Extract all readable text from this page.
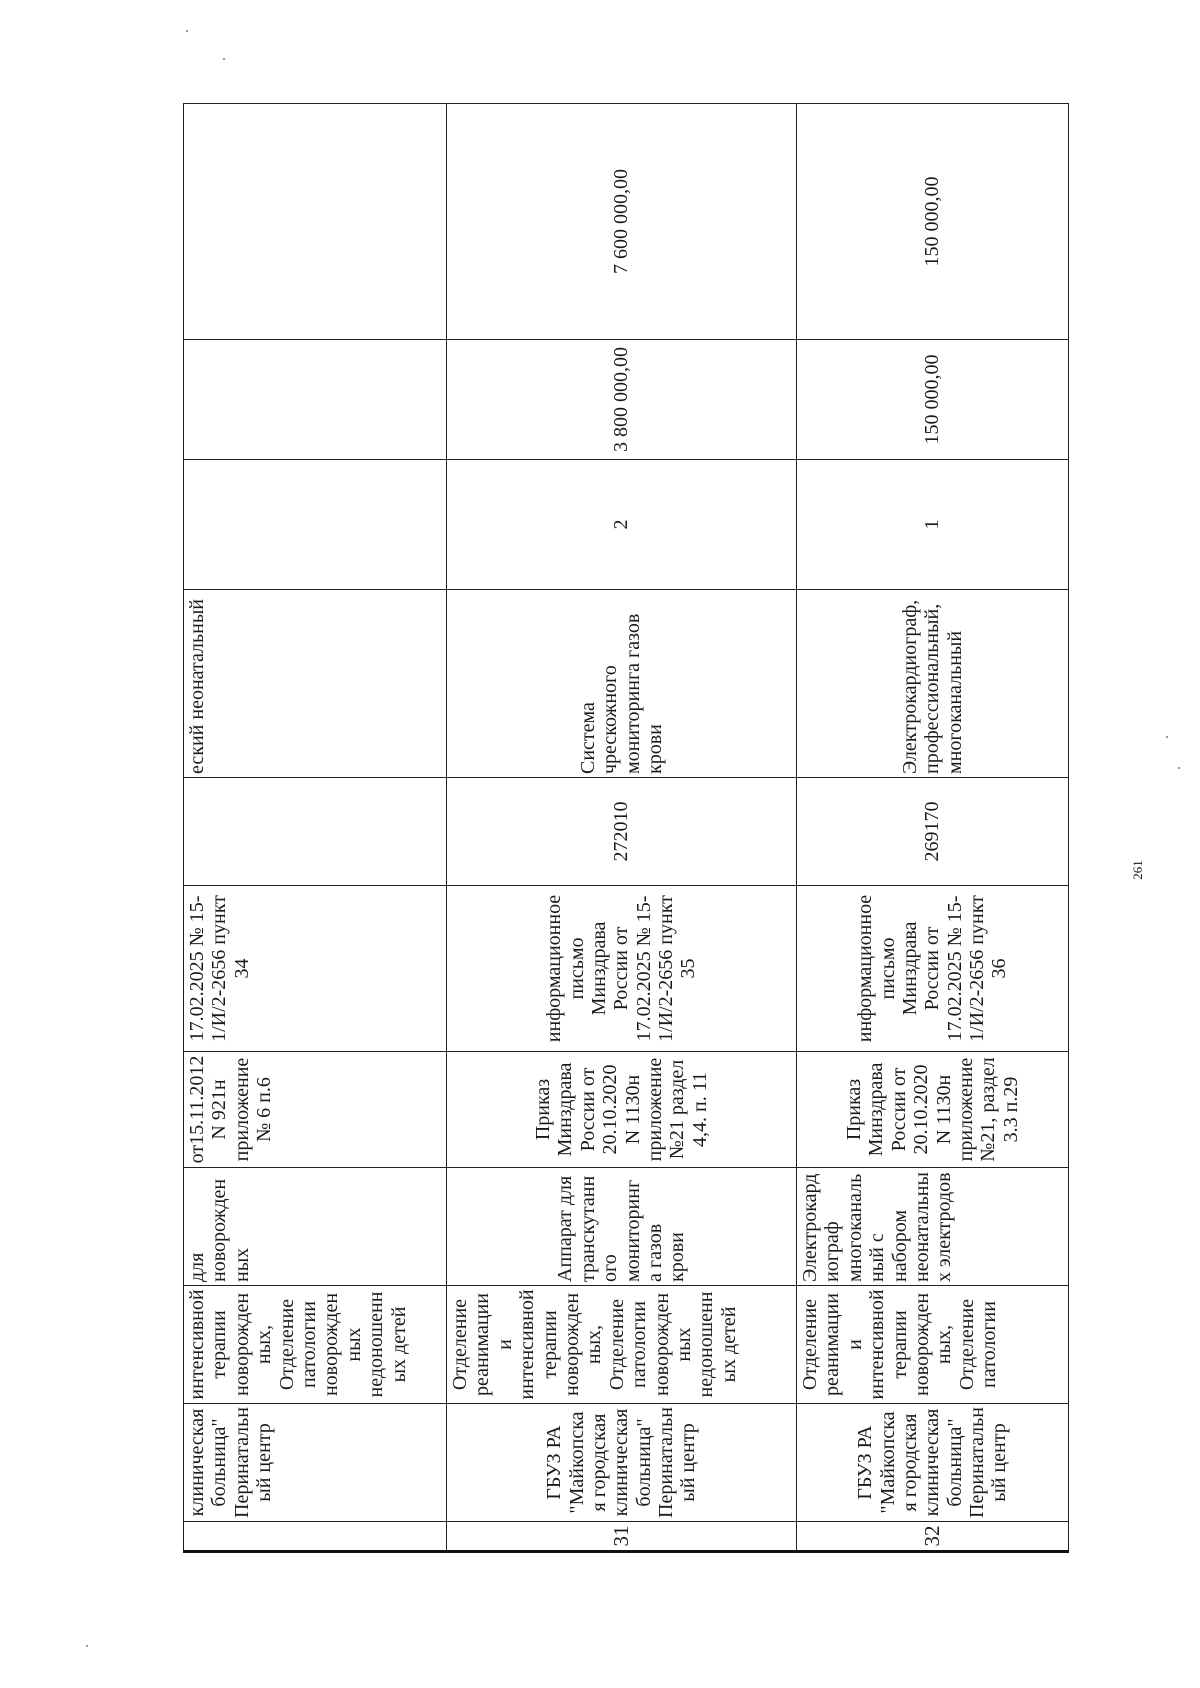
	клиническая больница" Перинатальный центр	интенсивной терапии новорожденных, Отделение патологии новорожденных недоношенных детей	для новорожденных	от15.11.2012 N 921н приложение№ 6 п.6	17.02.2025 № 15-1/И/2-2656 пункт 34		еский неонатальный			
31	ГБУЗ РА "Майкопская городская клиническая больница" Перинатальный центр	Отделение реанимации и интенсивной терапии новорожденных, Отделение патологии новорожденных недоношенных детей	Аппарат для транскутанного мониторинга газов крови	Приказ Минздрава России от 20.10.2020 N 1130н приложение №21 раздел 4,4. п. 11	информационное письмо Минздрава России от 17.02.2025 № 15-1/И/2-2656 пункт 35	272010	Система чрескожного мониторинга газов крови	2	3 800 000,00	7 600 000,00
32	ГБУЗ РА "Майкопская городская клиническая больница" Перинатальный центр	Отделение реанимации и интенсивной терапии новорожденных, Отделение патологии	Электрокардиограф многоканальный с набором неонатальных электродов	Приказ Минздрава России от 20.10.2020 N 1130н приложение №21, раздел 3.3 п.29	информационное письмо Минздрава России от 17.02.2025 № 15-1/И/2-2656 пункт 36	269170	Электрокардиограф, профессиональный, многоканальный	1	150 000,00	150 000,00
261
